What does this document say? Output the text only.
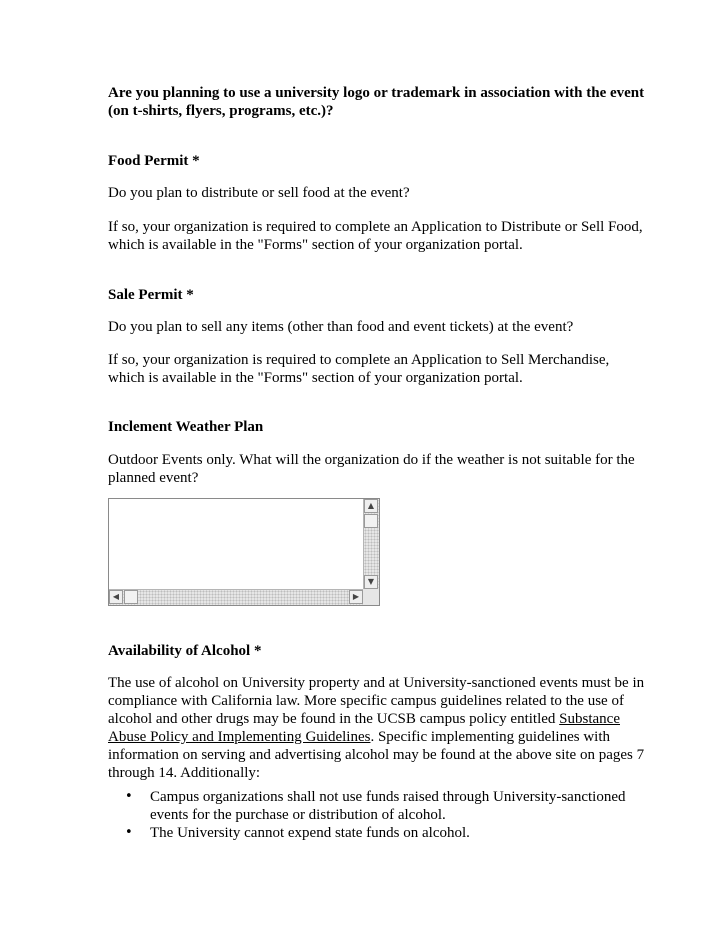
Are you planning to use a university logo or trademark in association with the event
(on t-shirts, flyers, programs, etc.)?
Food Permit *
Do you plan to distribute or sell food at the event?
If so, your organization is required to complete an Application to Distribute or Sell Food,
which is available in the "Forms" section of your organization portal.
Sale Permit *
Do you plan to sell any items (other than food and event tickets) at the event?
If so, your organization is required to complete an Application to Sell Merchandise,
which is available in the "Forms" section of your organization portal.
Inclement Weather Plan
Outdoor Events only. What will the organization do if the weather is not suitable for the
planned event?
Availability of Alcohol *
The use of alcohol on University property and at University-sanctioned events must be in
compliance with California law. More specific campus guidelines related to the use of
alcohol and other drugs may be found in the UCSB campus policy entitled Substance
Abuse Policy and Implementing Guidelines. Specific implementing guidelines with
information on serving and advertising alcohol may be found at the above site on pages 7
through 14. Additionally:
▲
▼
◀	▶
• Campus organizations shall not use funds raised through University-sanctioned
events for the purchase or distribution of alcohol.
• The University cannot expend state funds on alcohol.
